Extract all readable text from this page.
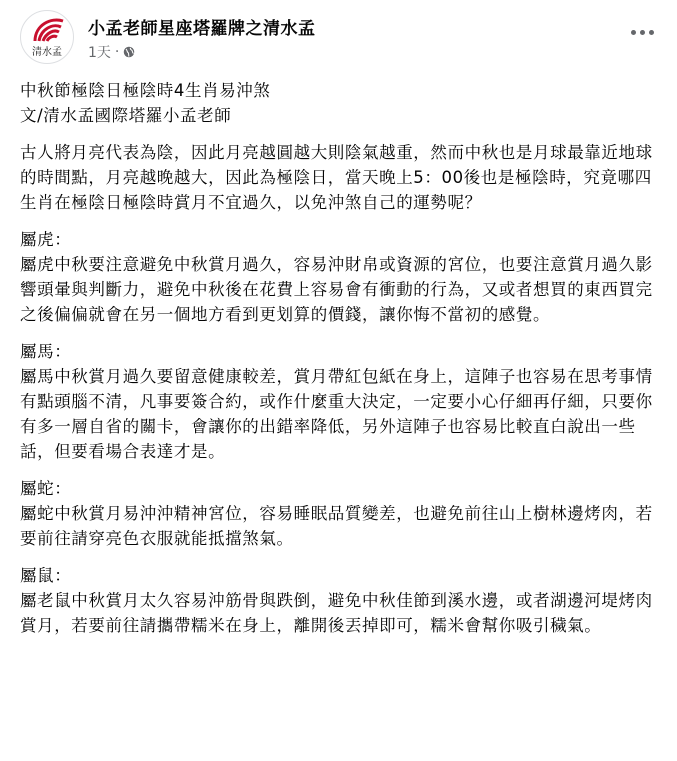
清水孟
小孟老師星座塔羅牌之清水孟
1天 ·

中秋節極陰日極陰時4生肖易沖煞

文/清水孟國際塔羅小孟老師

古人將月亮代表為陰，因此月亮越圓越大則陰氣越重，然而中秋也是月球最靠近地球的時間點，月亮越晚越大，因此為極陰日，當天晚上5：00後也是極陰時，究竟哪四生肖在極陰日極陰時賞月不宜過久，以免沖煞自己的運勢呢？

屬虎：

屬虎中秋要注意避免中秋賞月過久，容易沖財帛或資源的宮位，也要注意賞月過久影響頭暈與判斷力，避免中秋後在花費上容易會有衝動的行為，又或者想買的東西買完之後偏偏就會在另一個地方看到更划算的價錢，讓你悔不當初的感覺。

屬馬：

屬馬中秋賞月過久要留意健康較差，賞月帶紅包紙在身上，這陣子也容易在思考事情有點頭腦不清，凡事要簽合約，或作什麼重大決定，一定要小心仔細再仔細，只要你有多一層自省的關卡，會讓你的出錯率降低，另外這陣子也容易比較直白說出一些話，但要看場合表達才是。

屬蛇：

屬蛇中秋賞月易沖沖精神宮位，容易睡眠品質變差，也避免前往山上樹林邊烤肉，若要前往請穿亮色衣服就能抵擋煞氣。

屬鼠：

屬老鼠中秋賞月太久容易沖筋骨與跌倒，避免中秋佳節到溪水邊，或者湖邊河堤烤肉賞月，若要前往請攜帶糯米在身上，離開後丟掉即可，糯米會幫你吸引穢氣。
